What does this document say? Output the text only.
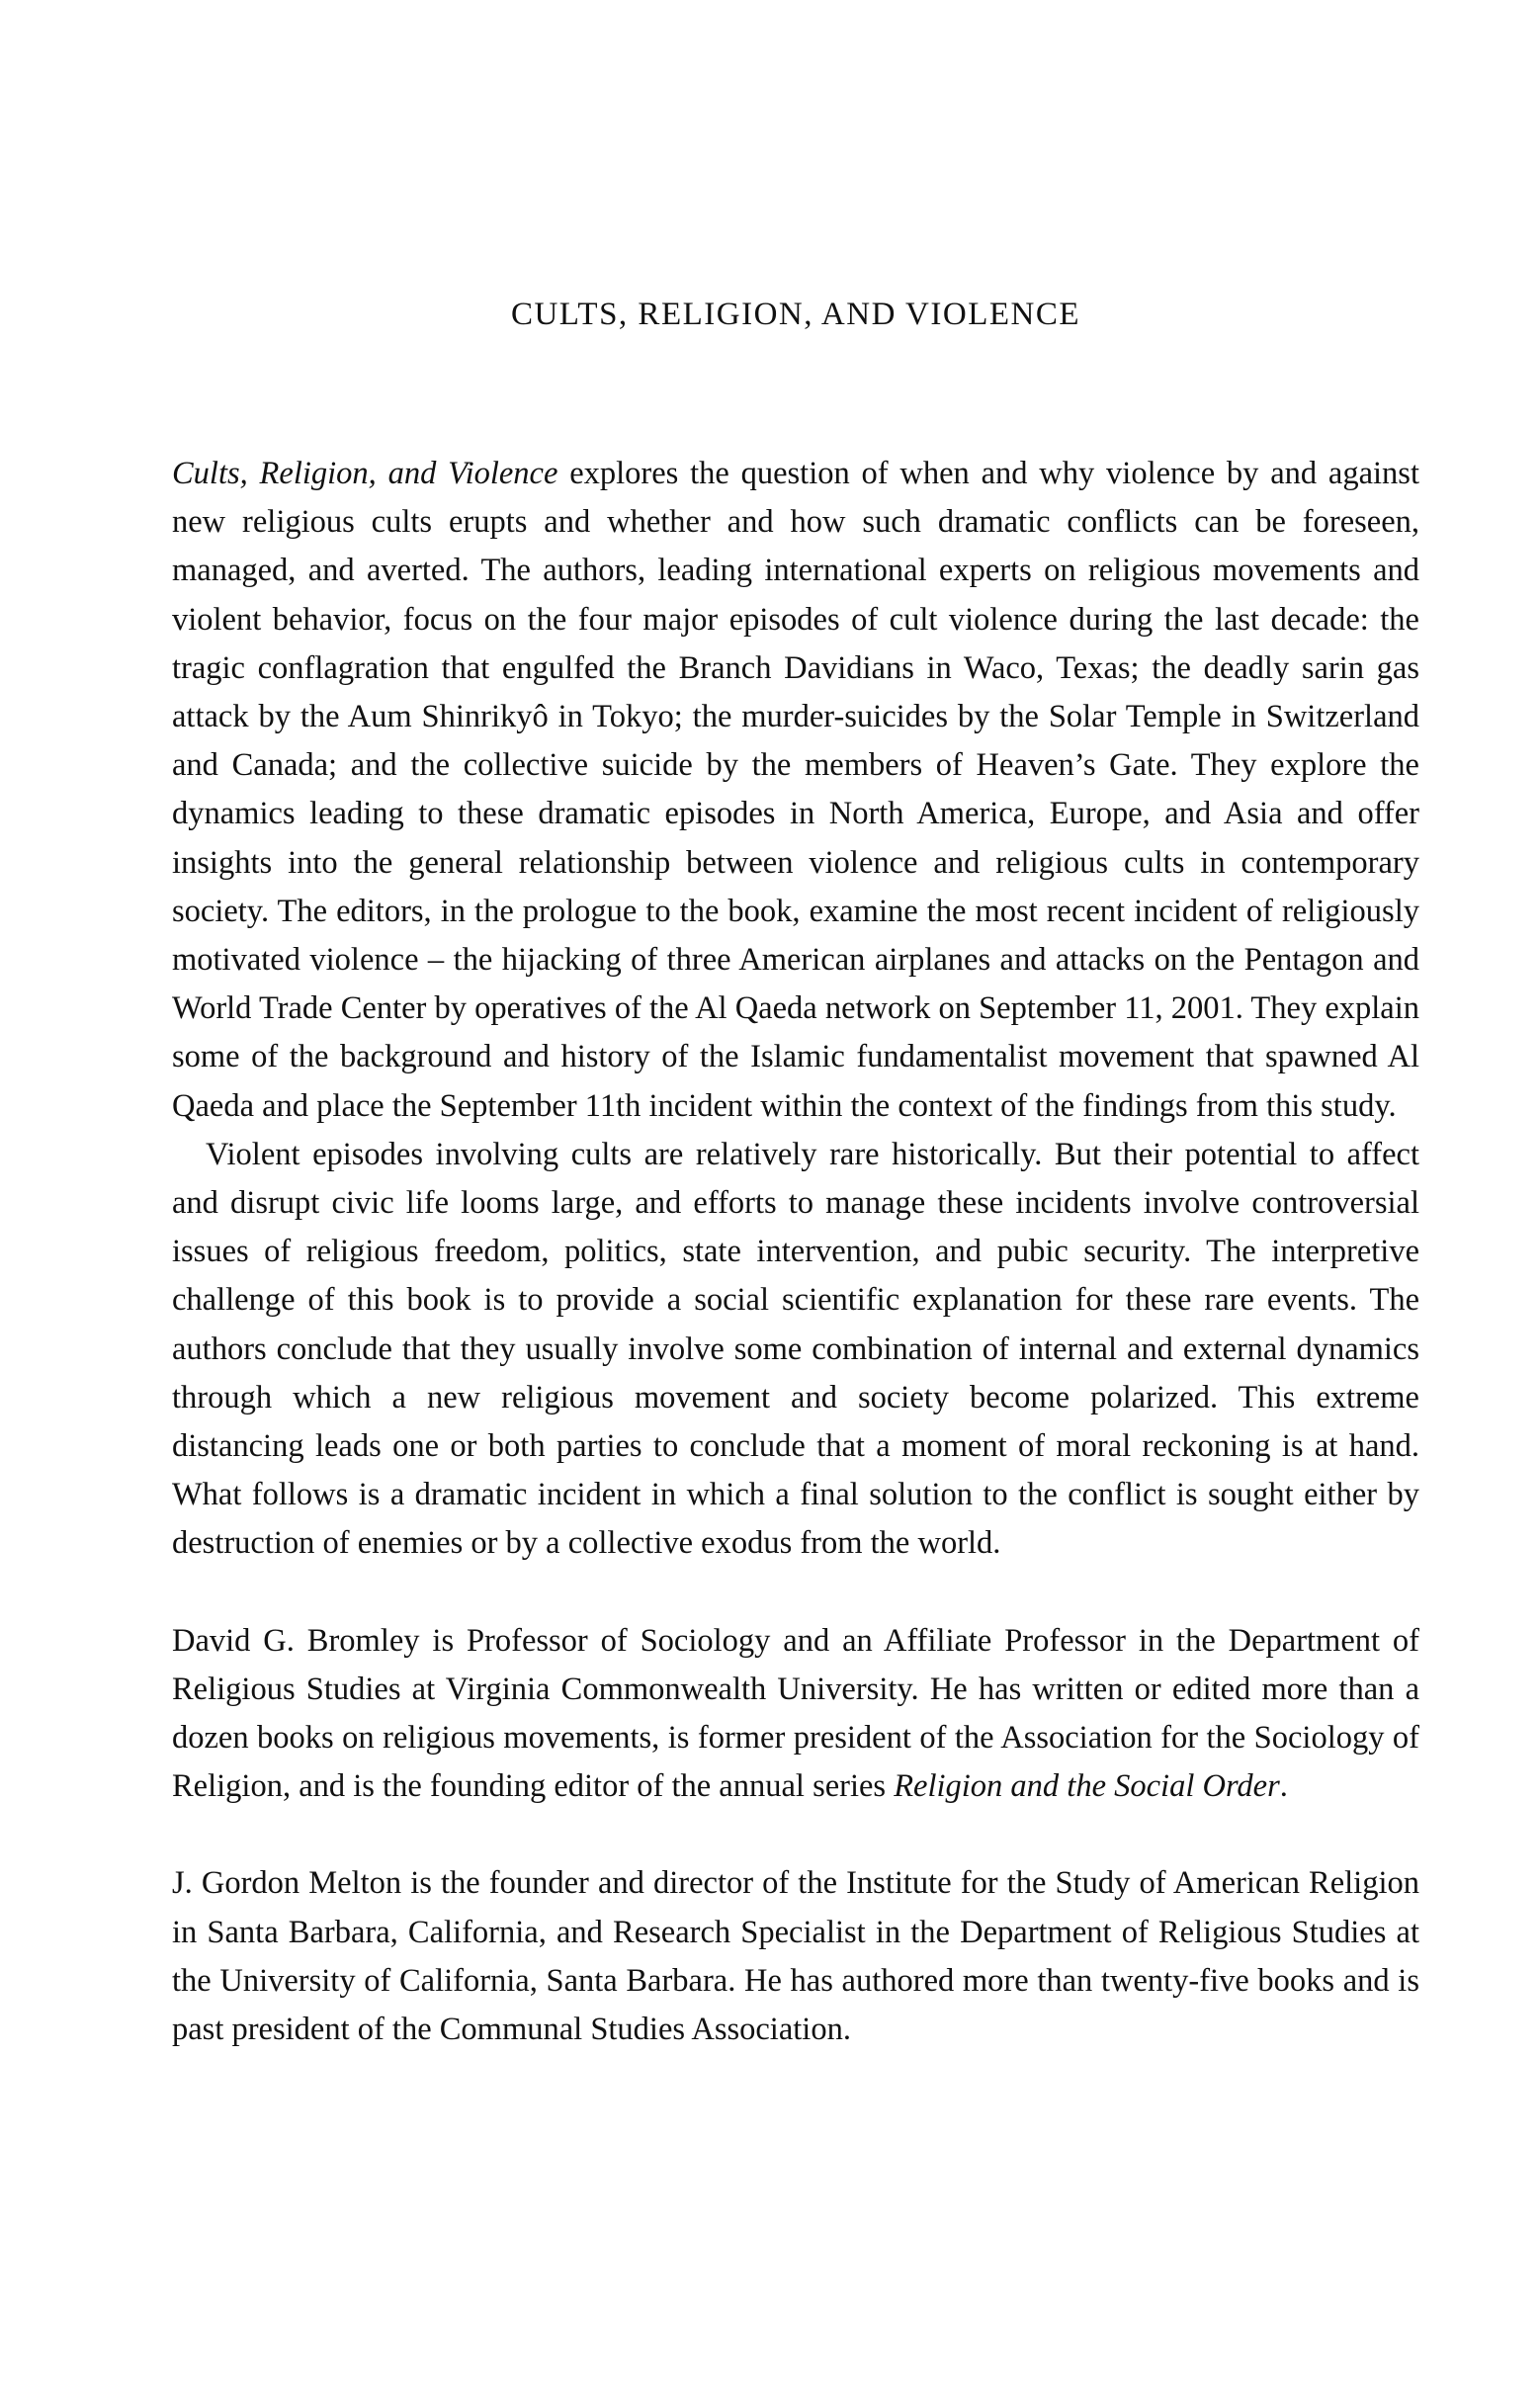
CULTS, RELIGION, AND VIOLENCE

Cults, Religion, and Violence explores the question of when and why violence by and against new religious cults erupts and whether and how such dramatic conflicts can be foreseen, managed, and averted. The authors, leading international experts on religious movements and violent behavior, focus on the four major episodes of cult violence during the last decade: the tragic conflagration that engulfed the Branch Davidians in Waco, Texas; the deadly sarin gas attack by the Aum Shinrikyô in Tokyo; the murder-suicides by the Solar Temple in Switzerland and Canada; and the collective suicide by the members of Heaven’s Gate. They explore the dynamics leading to these dramatic episodes in North America, Europe, and Asia and offer insights into the general relationship between violence and religious cults in contemporary society. The editors, in the prologue to the book, examine the most recent incident of religiously motivated violence – the hijacking of three American airplanes and attacks on the Pentagon and World Trade Center by operatives of the Al Qaeda network on September 11, 2001. They explain some of the background and history of the Islamic fundamentalist movement that spawned Al Qaeda and place the September 11th incident within the context of the findings from this study.

Violent episodes involving cults are relatively rare historically. But their potential to affect and disrupt civic life looms large, and efforts to manage these incidents involve controversial issues of religious freedom, politics, state intervention, and pubic security. The interpretive challenge of this book is to provide a social scientific explanation for these rare events. The authors conclude that they usually involve some combination of internal and external dynamics through which a new religious movement and society become polarized. This extreme distancing leads one or both parties to conclude that a moment of moral reckoning is at hand. What follows is a dramatic incident in which a final solution to the conflict is sought either by destruction of enemies or by a collective exodus from the world.

David G. Bromley is Professor of Sociology and an Affiliate Professor in the Department of Religious Studies at Virginia Commonwealth University. He has written or edited more than a dozen books on religious movements, is former president of the Association for the Sociology of Religion, and is the founding editor of the annual series Religion and the Social Order.

J. Gordon Melton is the founder and director of the Institute for the Study of American Religion in Santa Barbara, California, and Research Specialist in the Department of Religious Studies at the University of California, Santa Barbara. He has authored more than twenty-five books and is past president of the Communal Studies Association.
